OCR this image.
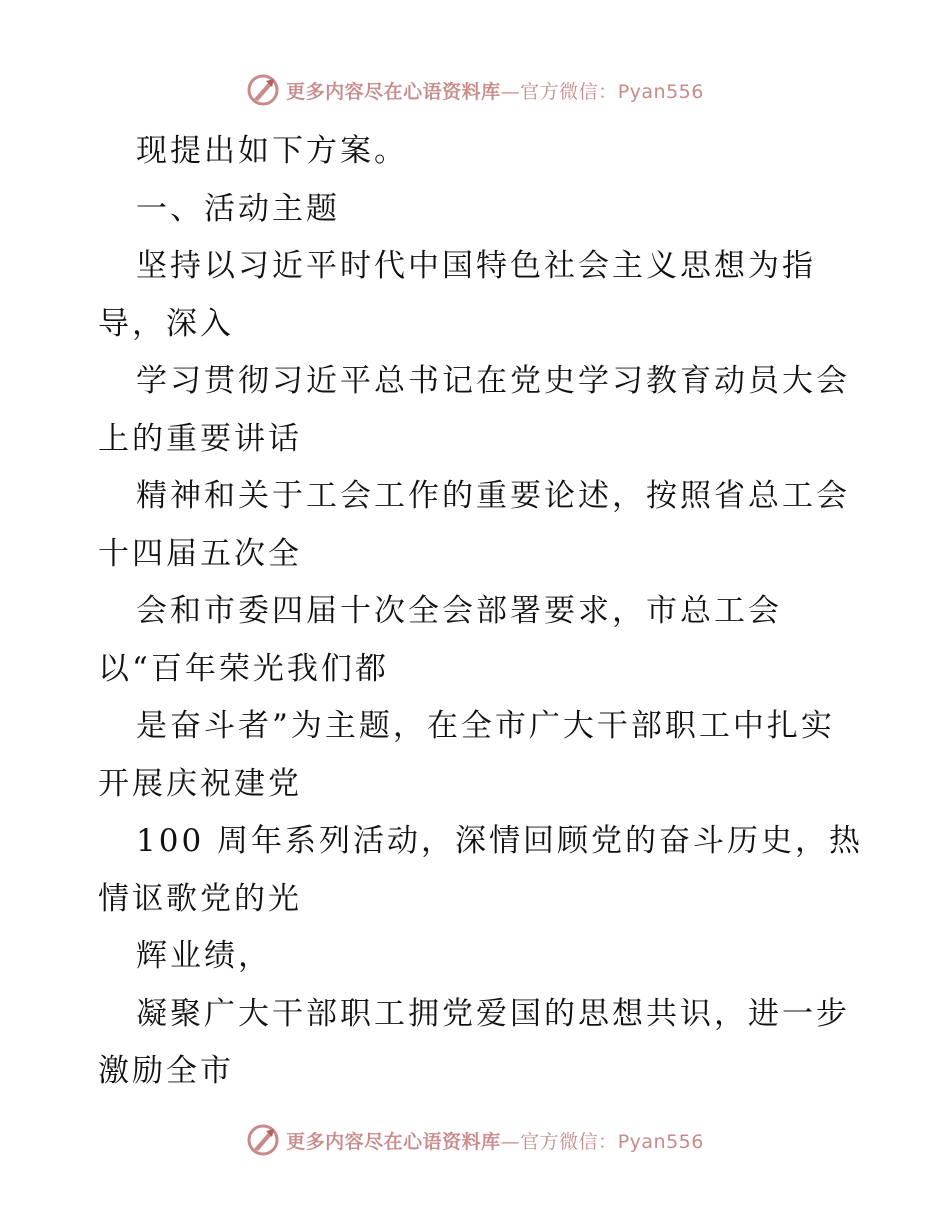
更多内容尽在心语资料库—官方微信：Pyan556
现提出如下方案。
一、活动主题
坚持以习近平时代中国特色社会主义思想为指
导，深入
学习贯彻习近平总书记在党史学习教育动员大会
上的重要讲话
精神和关于工会工作的重要论述，按照省总工会
十四届五次全
会和市委四届十次全会部署要求，市总工会
以“百年荣光我们都
是奋斗者”为主题，在全市广大干部职工中扎实
开展庆祝建党
100 周年系列活动，深情回顾党的奋斗历史，热
情讴歌党的光
辉业绩，
凝聚广大干部职工拥党爱国的思想共识，进一步
激励全市
更多内容尽在心语资料库—官方微信：Pyan556
